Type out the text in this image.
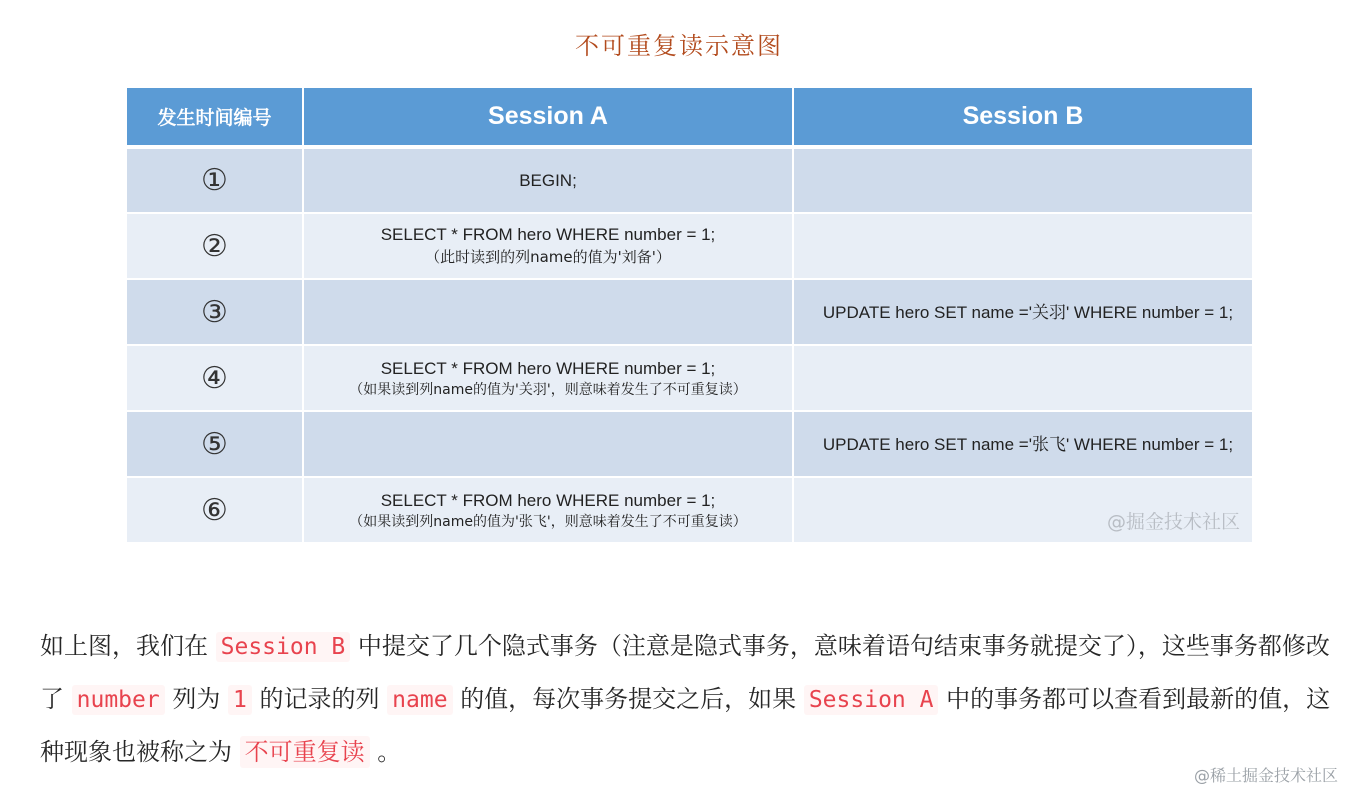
不可重复读示意图
发生时间编号	Session A	Session B
①	BEGIN;	

②	SELECT * FROM hero WHERE number = 1;
（此时读到的列name的值为'刘备'）	

③		UPDATE hero SET name ='关羽' WHERE number = 1;

④	SELECT * FROM hero WHERE number = 1;
（如果读到列name的值为'关羽'，则意味着发生了不可重复读）	

⑤		UPDATE hero SET name ='张飞' WHERE number = 1;

⑥	SELECT * FROM hero WHERE number = 1;
（如果读到列name的值为'张飞'，则意味着发生了不可重复读）	@掘金技术社区

如上图，我们在 Session B 中提交了几个隐式事务（注意是隐式事务，意味着语句结束事务就提交了），这些事务都修改了 number 列为 1 的记录的列 name 的值，每次事务提交之后，如果 Session A 中的事务都可以查看到最新的值，这种现象也被称之为 不可重复读 。

@稀土掘金技术社区
